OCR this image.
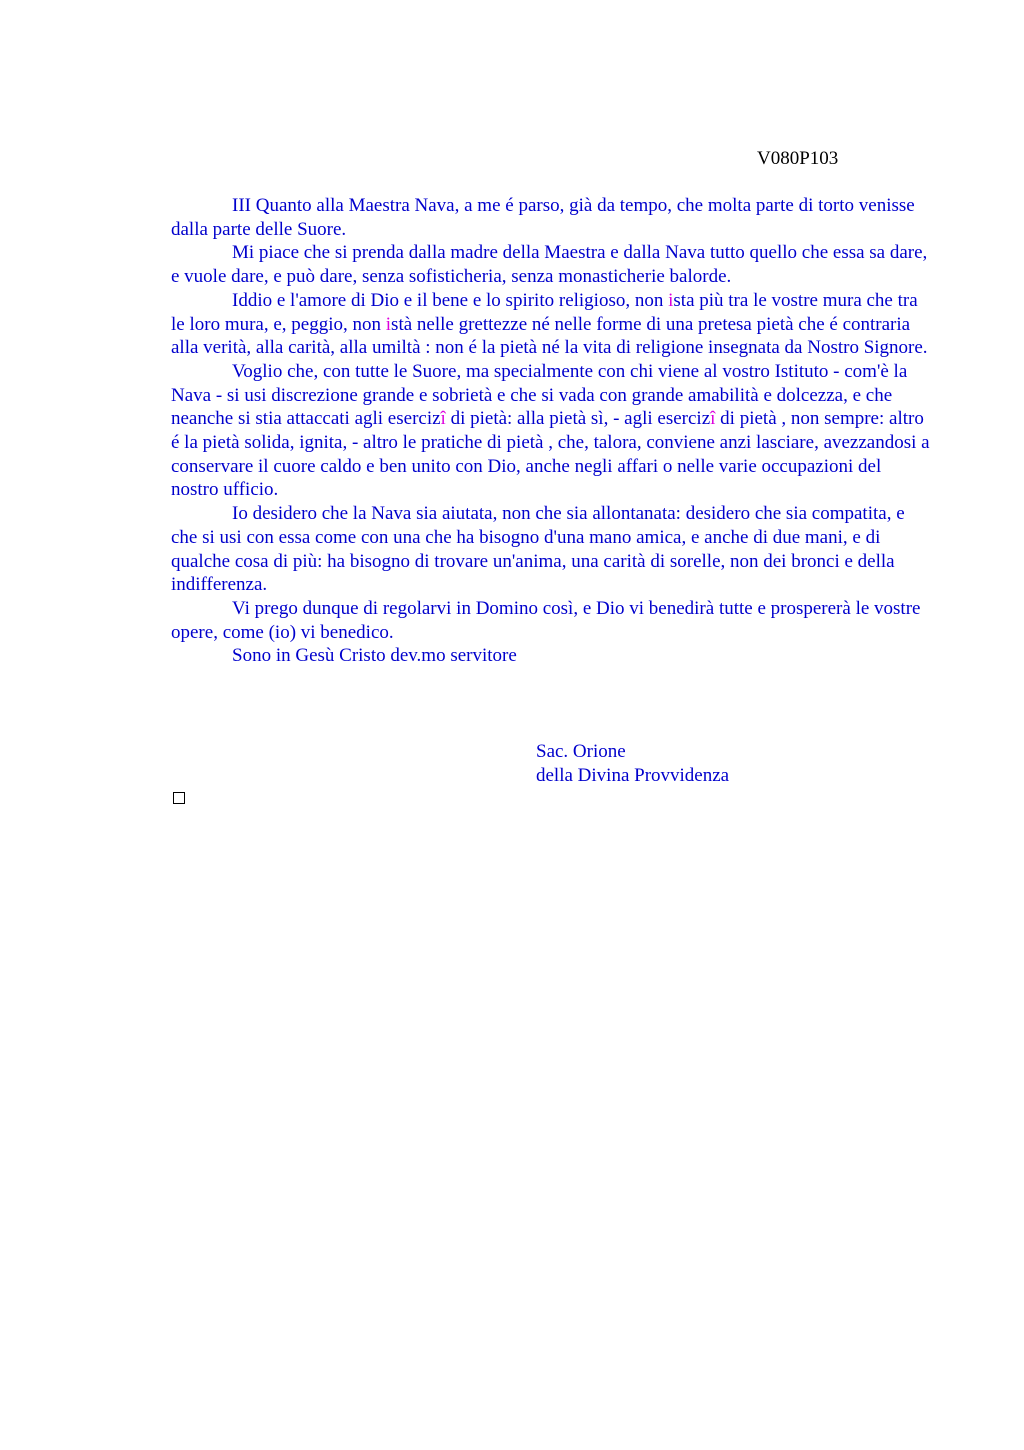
V080P103

III Quanto alla Maestra Nava, a me é parso, già da tempo, che molta parte di torto venisse dalla parte delle Suore.

Mi piace che si prenda dalla madre della Maestra e dalla Nava tutto quello che essa sa dare, e vuole dare, e può dare, senza sofisticheria, senza monasticherie balorde.

Iddio e l'amore di Dio e il bene e lo spirito religioso, non ista più tra le vostre mura che tra le loro mura, e, peggio, non istà nelle grettezze né nelle forme di una pretesa pietà che é contraria alla verità, alla carità, alla umiltà : non é la pietà né la vita di religione insegnata da Nostro Signore.

Voglio che, con tutte le Suore, ma specialmente con chi viene al vostro Istituto - com'è la Nava - si usi discrezione grande e sobrietà e che si vada con grande amabilità e dolcezza, e che neanche si stia attaccati agli esercizî di pietà: alla pietà sì, - agli esercizî di pietà , non sempre: altro é la pietà solida, ignita, - altro le pratiche di pietà , che, talora, conviene anzi lasciare, avezzandosi a conservare il cuore caldo e ben unito con Dio, anche negli affari o nelle varie occupazioni del nostro ufficio.

Io desidero che la Nava sia aiutata, non che sia allontanata: desidero che sia compatita, e che si usi con essa come con una che ha bisogno d'una mano amica, e anche di due mani, e di qualche cosa di più: ha bisogno di trovare un'anima, una carità di sorelle, non dei bronci e della indifferenza.

Vi prego dunque di regolarvi in Domino così, e Dio vi benedirà tutte e prospererà le vostre opere, come (io) vi benedico.

Sono in Gesù Cristo dev.mo servitore

Sac. Orione
della Divina Provvidenza
